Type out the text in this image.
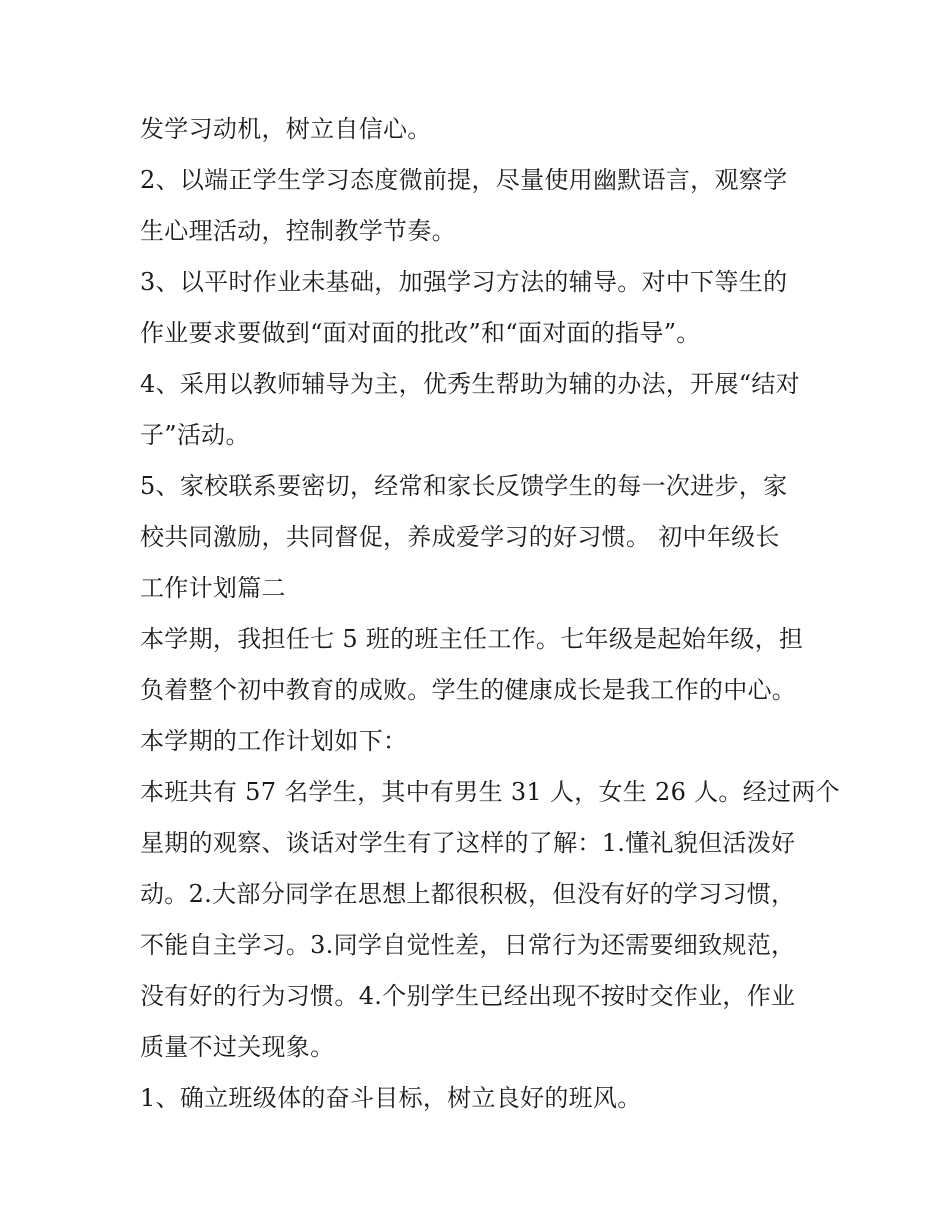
发学习动机，树立自信心。
2、以端正学生学习态度微前提，尽量使用幽默语言，观察学
生心理活动，控制教学节奏。
3、以平时作业未基础，加强学习方法的辅导。对中下等生的
作业要求要做到“面对面的批改”和“面对面的指导”。
4、采用以教师辅导为主，优秀生帮助为辅的办法，开展“结对
子”活动。
5、家校联系要密切，经常和家长反馈学生的每一次进步，家
校共同激励，共同督促，养成爱学习的好习惯。 初中年级长
工作计划篇二
本学期，我担任七 5 班的班主任工作。七年级是起始年级，担
负着整个初中教育的成败。学生的健康成长是我工作的中心。
本学期的工作计划如下：
本班共有 57 名学生，其中有男生 31 人，女生 26 人。经过两个
星期的观察、谈话对学生有了这样的了解：1.懂礼貌但活泼好
动。2.大部分同学在思想上都很积极，但没有好的学习习惯，
不能自主学习。3.同学自觉性差，日常行为还需要细致规范，
没有好的行为习惯。4.个别学生已经出现不按时交作业，作业
质量不过关现象。
1、确立班级体的奋斗目标，树立良好的班风。
